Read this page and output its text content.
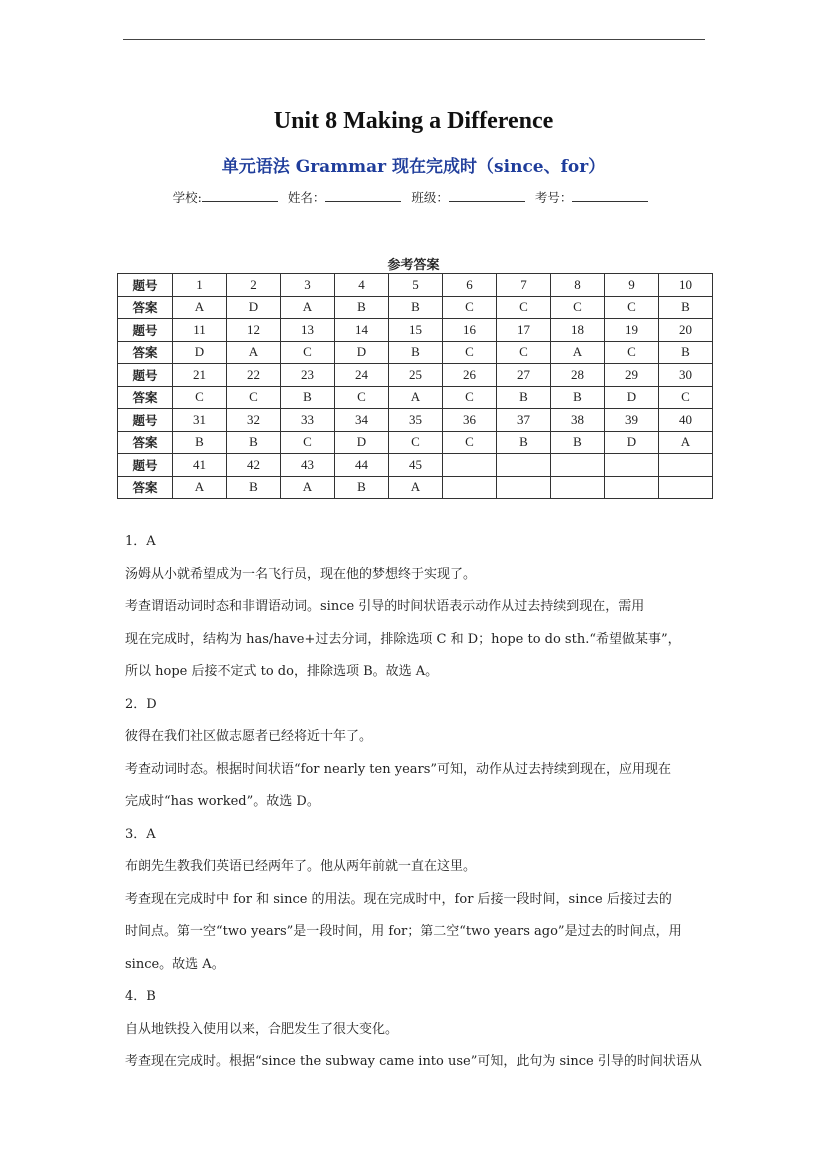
Unit 8 Making a Difference
单元语法 Grammar 现在完成时（since、for）
学校:	姓名：	班级：	考号：
参考答案
题号	1	2	3	4	5	6	7	8	9	10
答案	A	D	A	B	B	C	C	C	C	B
题号	11	12	13	14	15	16	17	18	19	20
答案	D	A	C	D	B	C	C	A	C	B
题号	21	22	23	24	25	26	27	28	29	30
答案	C	C	B	C	A	C	B	B	D	C
题号	31	32	33	34	35	36	37	38	39	40
答案	B	B	C	D	C	C	B	B	D	A
题号	41	42	43	44	45					
答案	A	B	A	B	A					

1．A

汤姆从小就希望成为一名飞行员，现在他的梦想终于实现了。

考查谓语动词时态和非谓语动词。since 引导的时间状语表示动作从过去持续到现在，需用

现在完成时，结构为 has/have+过去分词，排除选项 C 和 D；hope to do sth.“希望做某事”，

所以 hope 后接不定式 to do，排除选项 B。故选 A。

2．D

彼得在我们社区做志愿者已经将近十年了。

考查动词时态。根据时间状语“for nearly ten years”可知，动作从过去持续到现在，应用现在

完成时“has worked”。故选 D。

3．A

布朗先生教我们英语已经两年了。他从两年前就一直在这里。

考查现在完成时中 for 和 since 的用法。现在完成时中，for 后接一段时间，since 后接过去的

时间点。第一空“two years”是一段时间，用 for；第二空“two years ago”是过去的时间点，用

since。故选 A。

4．B

自从地铁投入使用以来，合肥发生了很大变化。

考查现在完成时。根据“since the subway came into use”可知，此句为 since 引导的时间状语从
